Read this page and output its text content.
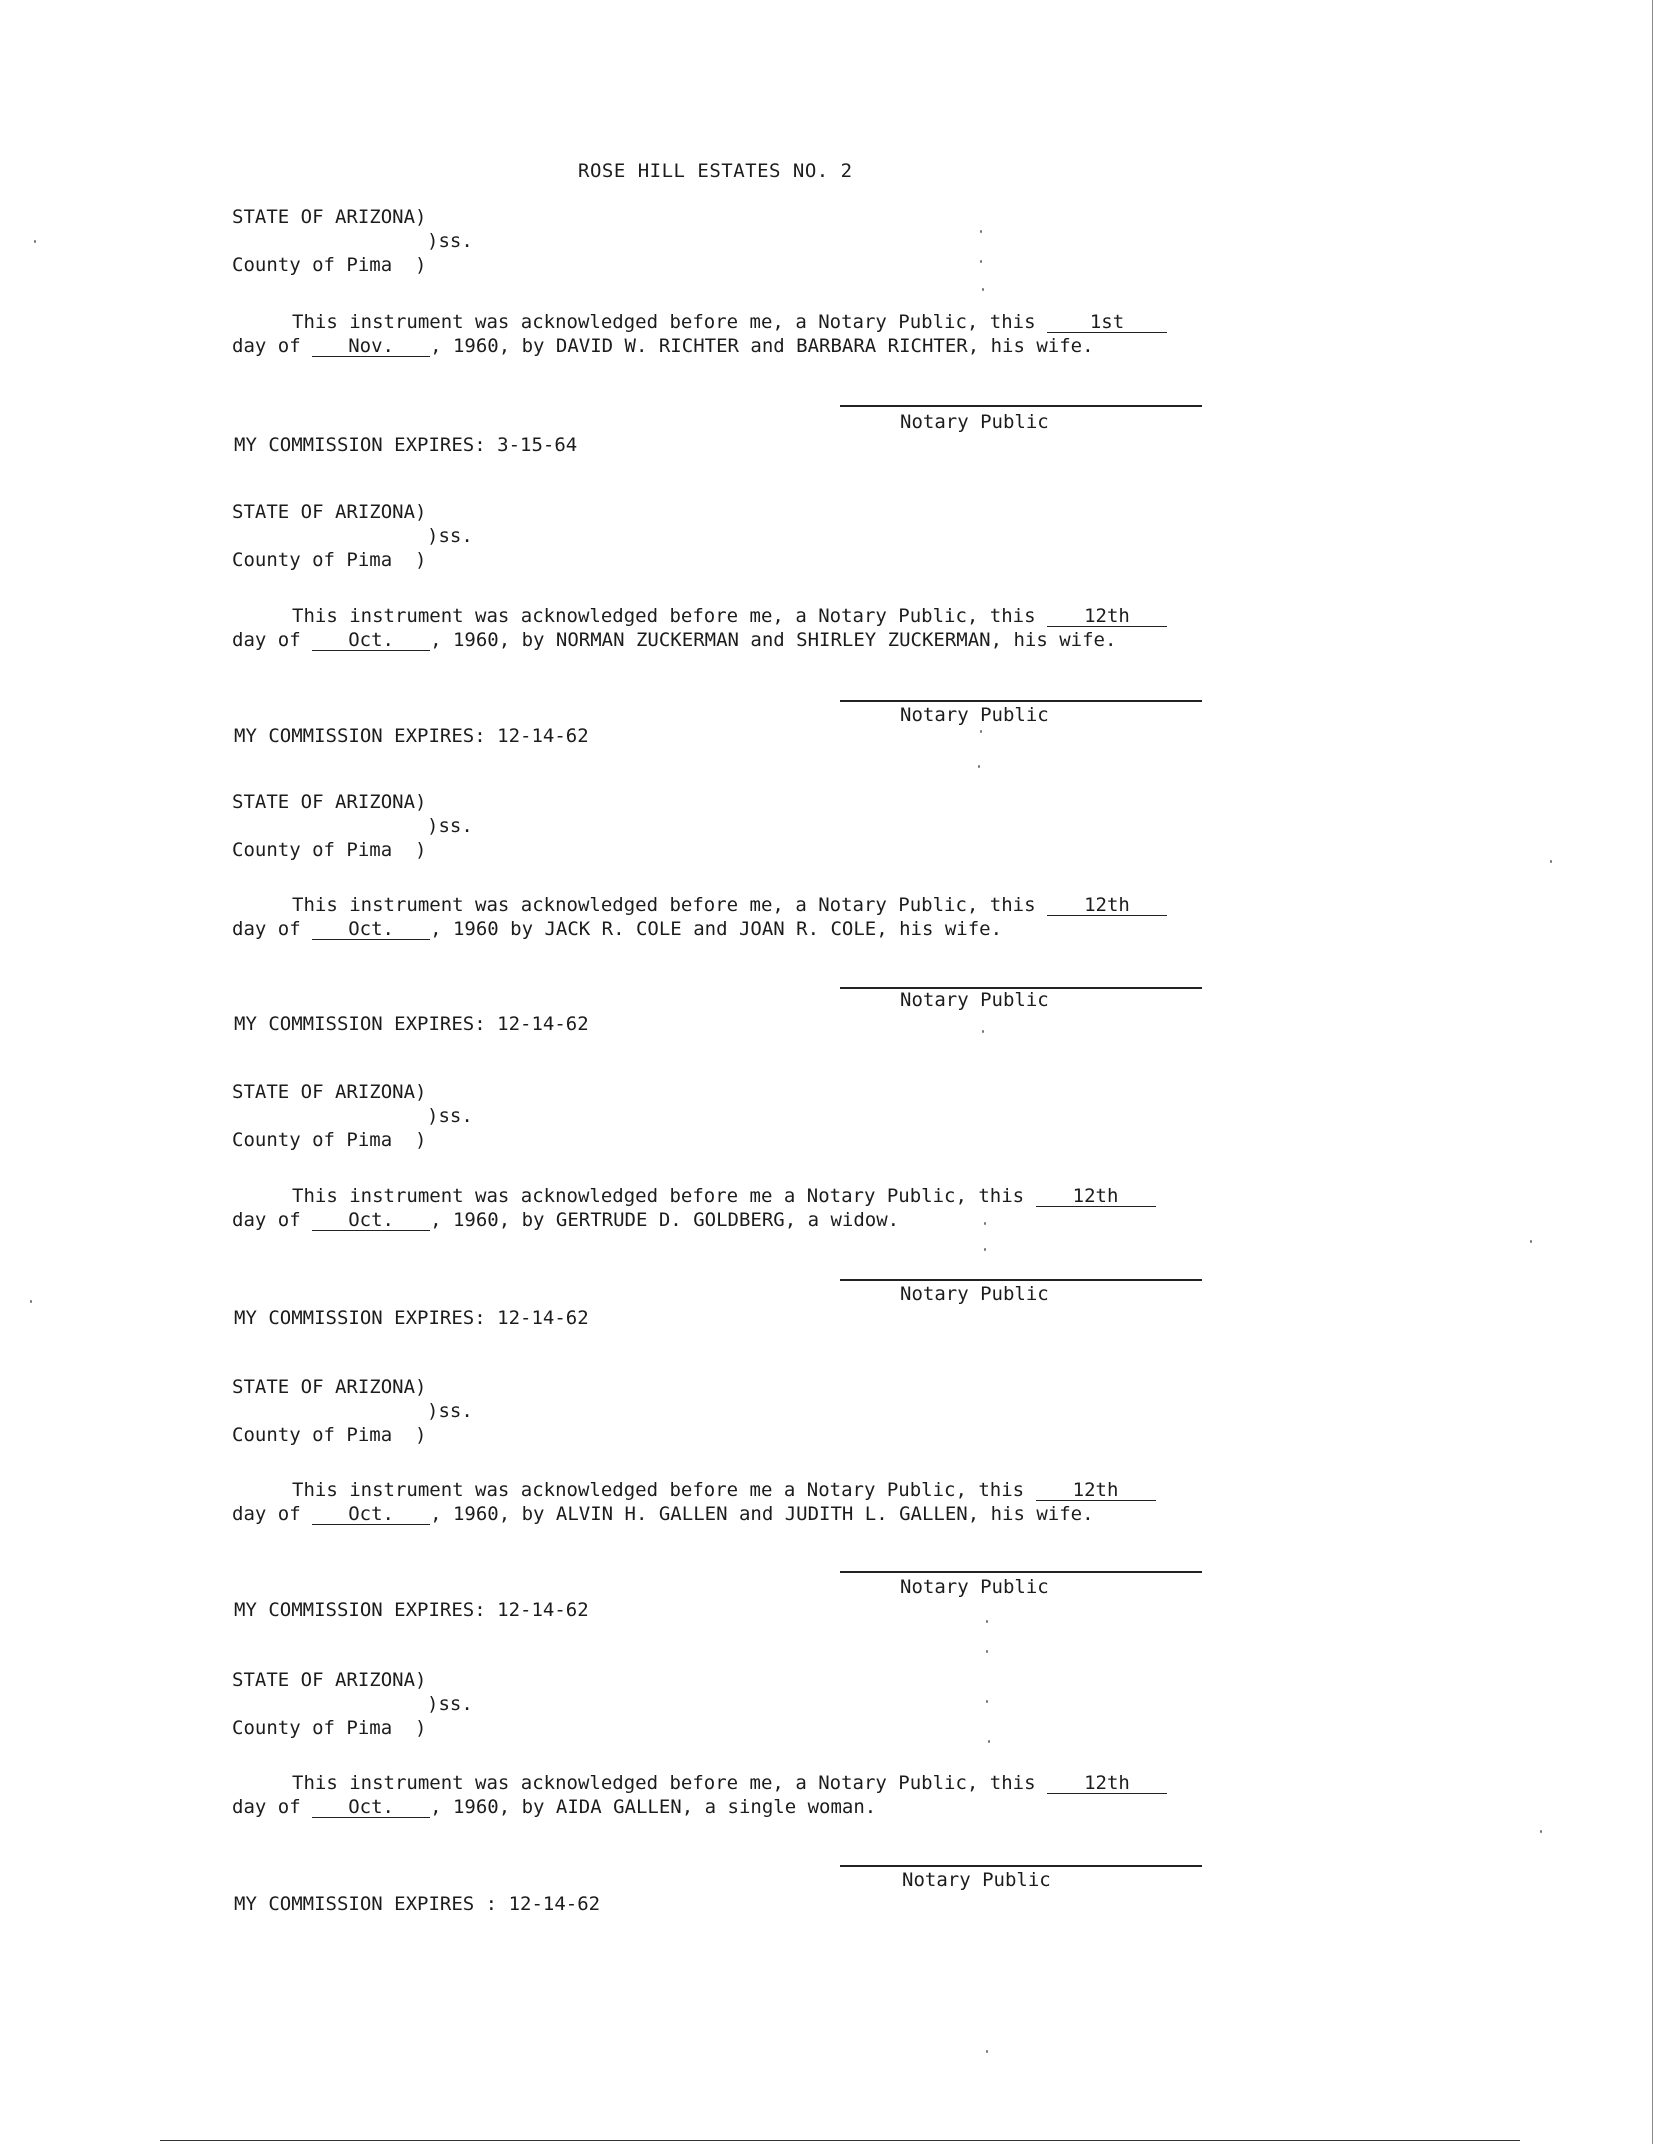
ROSE HILL ESTATES NO. 2
STATE OF ARIZONA)
)ss.
County of Pima  )
This instrument was acknowledged before me, a Notary Public, this	1st
day of	Nov. , 1960, by DAVID W. RICHTER and BARBARA RICHTER, his wife.
Notary Public
MY COMMISSION EXPIRES: 3-15-64
STATE OF ARIZONA)
)ss.
County of Pima  )
This instrument was acknowledged before me, a Notary Public, this	12th
day of	Oct. , 1960, by NORMAN ZUCKERMAN and SHIRLEY ZUCKERMAN, his wife.
Notary Public
MY COMMISSION EXPIRES: 12-14-62
STATE OF ARIZONA)
)ss.
County of Pima  )
This instrument was acknowledged before me, a Notary Public, this	12th
day of	Oct. , 1960 by JACK R. COLE and JOAN R. COLE, his wife.
Notary Public
MY COMMISSION EXPIRES: 12-14-62
STATE OF ARIZONA)
)ss.
County of Pima  )
This instrument was acknowledged before me a Notary Public, this	12th
day of	Oct. , 1960, by GERTRUDE D. GOLDBERG, a widow.
Notary Public
MY COMMISSION EXPIRES: 12-14-62
STATE OF ARIZONA)
)ss.
County of Pima  )
This instrument was acknowledged before me a Notary Public, this	12th
day of	Oct. , 1960, by ALVIN H. GALLEN and JUDITH L. GALLEN, his wife.
Notary Public
MY COMMISSION EXPIRES: 12-14-62
STATE OF ARIZONA)
)ss.
County of Pima  )
This instrument was acknowledged before me, a Notary Public, this	12th
day of	Oct. , 1960, by AIDA GALLEN, a single woman.
Notary Public
MY COMMISSION EXPIRES : 12-14-62
